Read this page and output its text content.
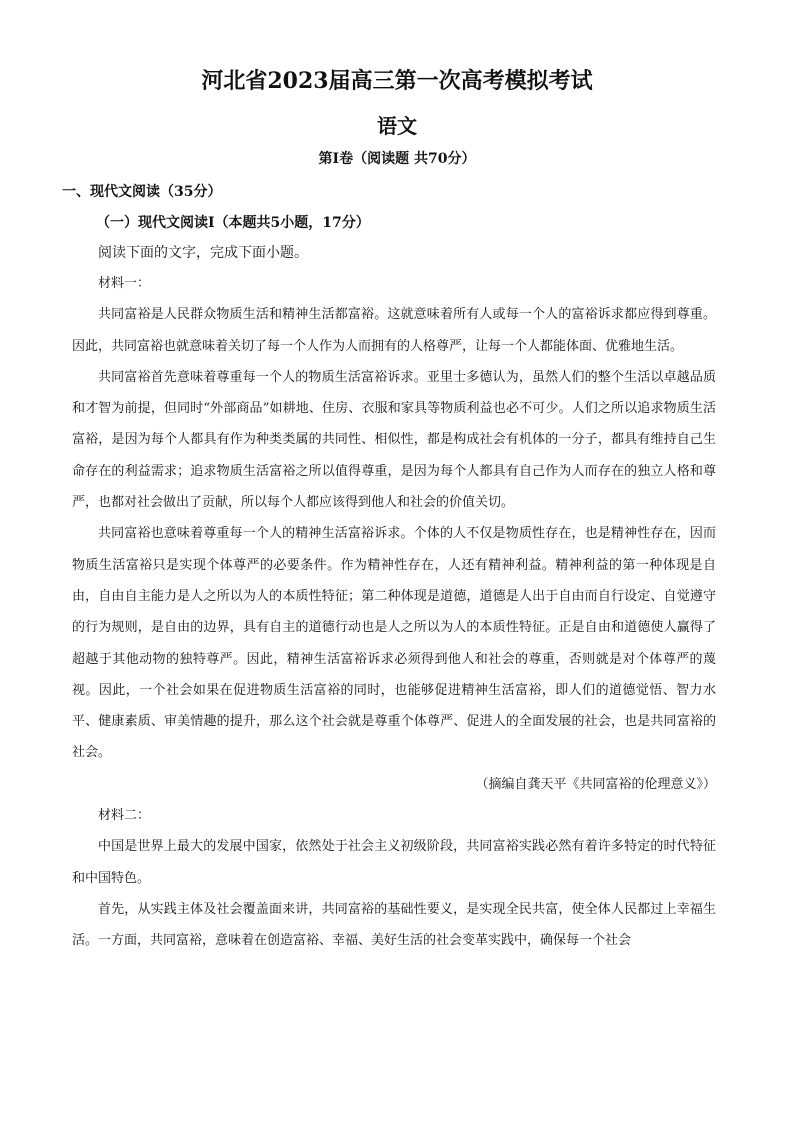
河北省2023届高三第一次高考模拟考试
语文
第Ⅰ卷（阅读题 共70分）
一、现代文阅读（35分）
（一）现代文阅读Ⅰ（本题共5小题，17分）
阅读下面的文字，完成下面小题。

材料一：

共同富裕是人民群众物质生活和精神生活都富裕。这就意味着所有人或每一个人的富裕诉求都应得到尊重。因此，共同富裕也就意味着关切了每一个人作为人而拥有的人格尊严，让每一个人都能体面、优雅地生活。

共同富裕首先意味着尊重每一个人的物质生活富裕诉求。亚里士多德认为，虽然人们的整个生活以卓越品质和才智为前提，但同时“外部商品”如耕地、住房、衣服和家具等物质利益也必不可少。人们之所以追求物质生活富裕，是因为每个人都具有作为种类类属的共同性、相似性，都是构成社会有机体的一分子，都具有维持自己生命存在的利益需求；追求物质生活富裕之所以值得尊重，是因为每个人都具有自己作为人而存在的独立人格和尊严，也都对社会做出了贡献，所以每个人都应该得到他人和社会的价值关切。

共同富裕也意味着尊重每一个人的精神生活富裕诉求。个体的人不仅是物质性存在，也是精神性存在，因而物质生活富裕只是实现个体尊严的必要条件。作为精神性存在，人还有精神利益。精神利益的第一种体现是自由，自由自主能力是人之所以为人的本质性特征；第二种体现是道德，道德是人出于自由而自行设定、自觉遵守的行为规则，是自由的边界，具有自主的道德行动也是人之所以为人的本质性特征。正是自由和道德使人赢得了超越于其他动物的独特尊严。因此，精神生活富裕诉求必须得到他人和社会的尊重，否则就是对个体尊严的蔑视。因此，一个社会如果在促进物质生活富裕的同时，也能够促进精神生活富裕，即人们的道德觉悟、智力水平、健康素质、审美情趣的提升，那么这个社会就是尊重个体尊严、促进人的全面发展的社会，也是共同富裕的社会。

（摘编自龚天平《共同富裕的伦理意义》）

材料二：

中国是世界上最大的发展中国家，依然处于社会主义初级阶段，共同富裕实践必然有着许多特定的时代特征和中国特色。

首先，从实践主体及社会覆盖面来讲，共同富裕的基础性要义，是实现全民共富，使全体人民都过上幸福生活。一方面，共同富裕，意味着在创造富裕、幸福、美好生活的社会变革实践中，确保每一个社会
